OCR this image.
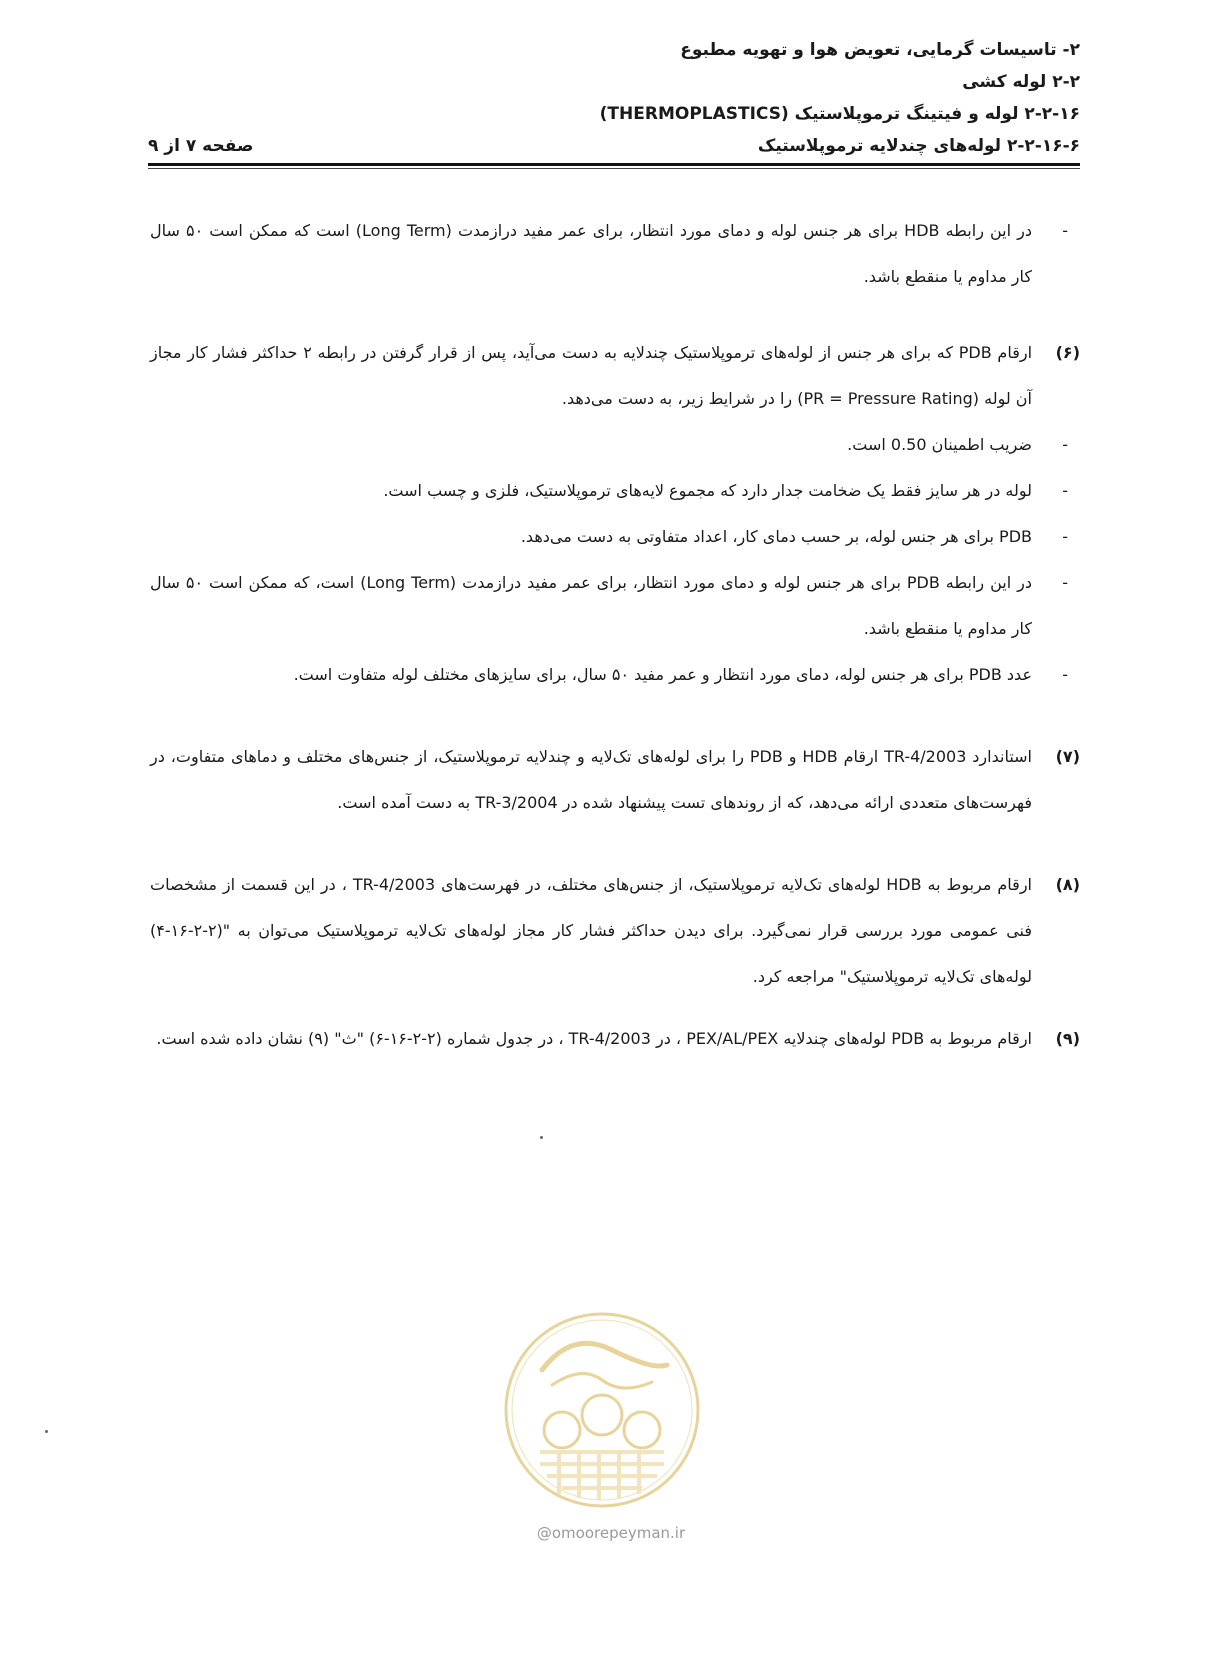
۲- تاسیسات گرمایی، تعویض هوا و تهویه مطبوع
۲-۲ لوله کشی
۲-۲-۱۶ لوله و فیتینگ ترموپلاستیک (THERMOPLASTICS)
۲-۲-۱۶-۶ لوله‌های چندلایه ترموپلاستیک
صفحه ۷ از ۹
-
در این رابطه HDB برای هر جنس لوله و دمای مورد انتظار، برای عمر مفید درازمدت (Long Term) است که ممکن است ۵۰ سال کار مداوم یا منقطع باشد.
(۶)
ارقام PDB که برای هر جنس از لوله‌های ترموپلاستیک چندلایه به دست می‌آید، پس از قرار گرفتن در رابطه ۲ حداکثر فشار کار مجاز آن لوله (PR = Pressure Rating) را در شرایط زیر، به دست می‌دهد.
-
ضریب اطمینان 0.50 است.
-
لوله در هر سایز فقط یک ضخامت جدار دارد که مجموع لایه‌های ترموپلاستیک، فلزی و چسب است.
-
PDB برای هر جنس لوله، بر حسب دمای کار، اعداد متفاوتی به دست می‌دهد.
-
در این رابطه PDB برای هر جنس لوله و دمای مورد انتظار، برای عمر مفید درازمدت (Long Term) است، که ممکن است ۵۰ سال کار مداوم یا منقطع باشد.
-
عدد PDB برای هر جنس لوله، دمای مورد انتظار و عمر مفید ۵۰ سال، برای سایزهای مختلف لوله متفاوت است.
(۷)
استاندارد TR-4/2003 ارقام HDB و PDB را برای لوله‌های تک‌لایه و چندلایه ترموپلاستیک، از جنس‌های مختلف و دماهای متفاوت، در فهرست‌های متعددی ارائه می‌دهد، که از روندهای تست پیشنهاد شده در TR-3/2004 به دست آمده است.
(۸)
ارقام مربوط به HDB لوله‌های تک‌لایه ترموپلاستیک، از جنس‌های مختلف، در فهرست‌های TR-4/2003 ، در این قسمت از مشخصات فنی عمومی مورد بررسی قرار نمی‌گیرد. برای دیدن حداکثر فشار کار مجاز لوله‌های تک‌لایه ترموپلاستیک می‌توان به "(۲-۲-۱۶-۴) لوله‌های تک‌لایه ترموپلاستیک" مراجعه کرد.
(۹)
ارقام مربوط به PDB لوله‌های چندلایه PEX/AL/PEX ، در TR-4/2003 ، در جدول شماره (۲-۲-۱۶-۶) "ث" (۹) نشان داده شده است.
@omoorepeyman.ir
